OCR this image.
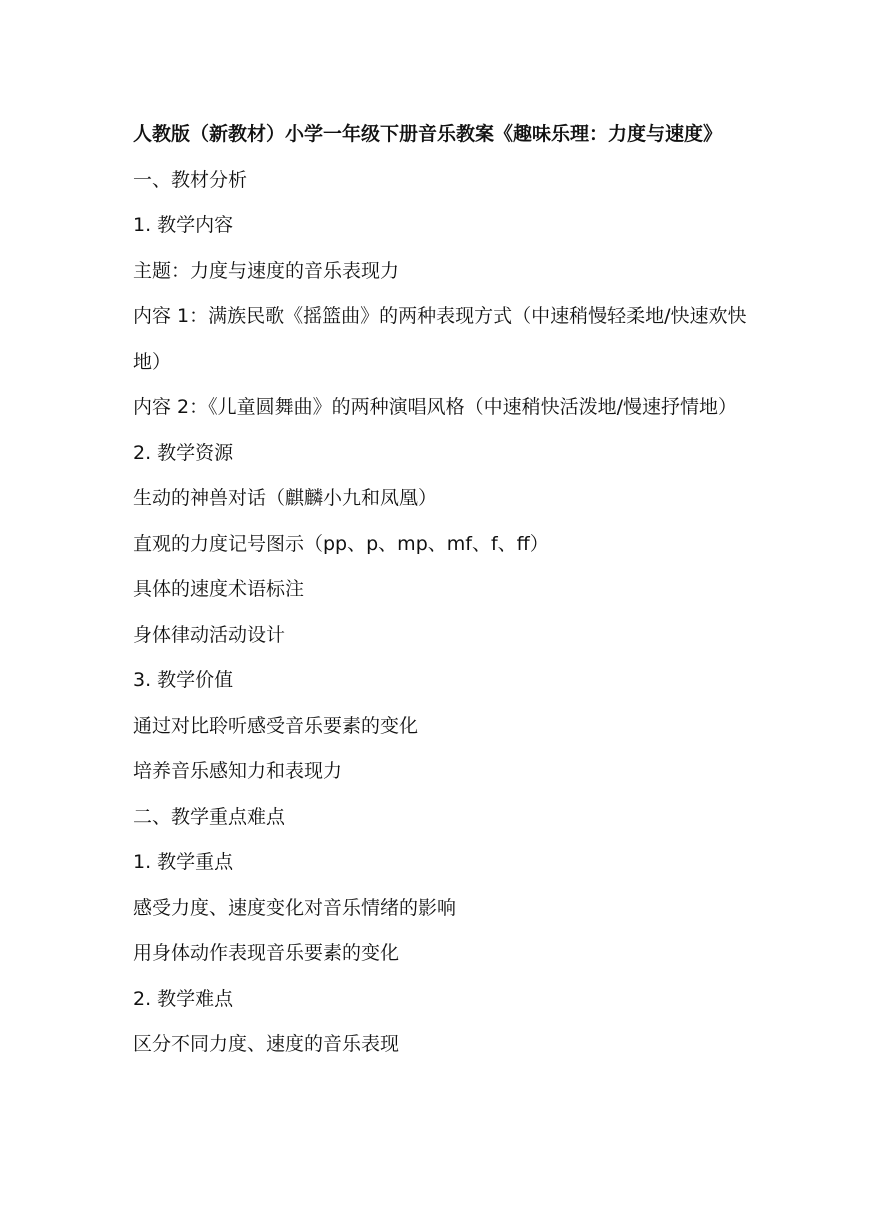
人教版（新教材）小学一年级下册音乐教案《趣味乐理：力度与速度》
一、教材分析
1. 教学内容
主题：力度与速度的音乐表现力
内容 1：满族民歌《摇篮曲》的两种表现方式（中速稍慢轻柔地/快速欢快地）
内容 2：《儿童圆舞曲》的两种演唱风格（中速稍快活泼地/慢速抒情地）
2. 教学资源
生动的神兽对话（麒麟小九和凤凰）
直观的力度记号图示（pp、p、mp、mf、f、ff）
具体的速度术语标注
身体律动活动设计
3. 教学价值
通过对比聆听感受音乐要素的变化
培养音乐感知力和表现力
二、教学重点难点
1. 教学重点
感受力度、速度变化对音乐情绪的影响
用身体动作表现音乐要素的变化
2. 教学难点
区分不同力度、速度的音乐表现
